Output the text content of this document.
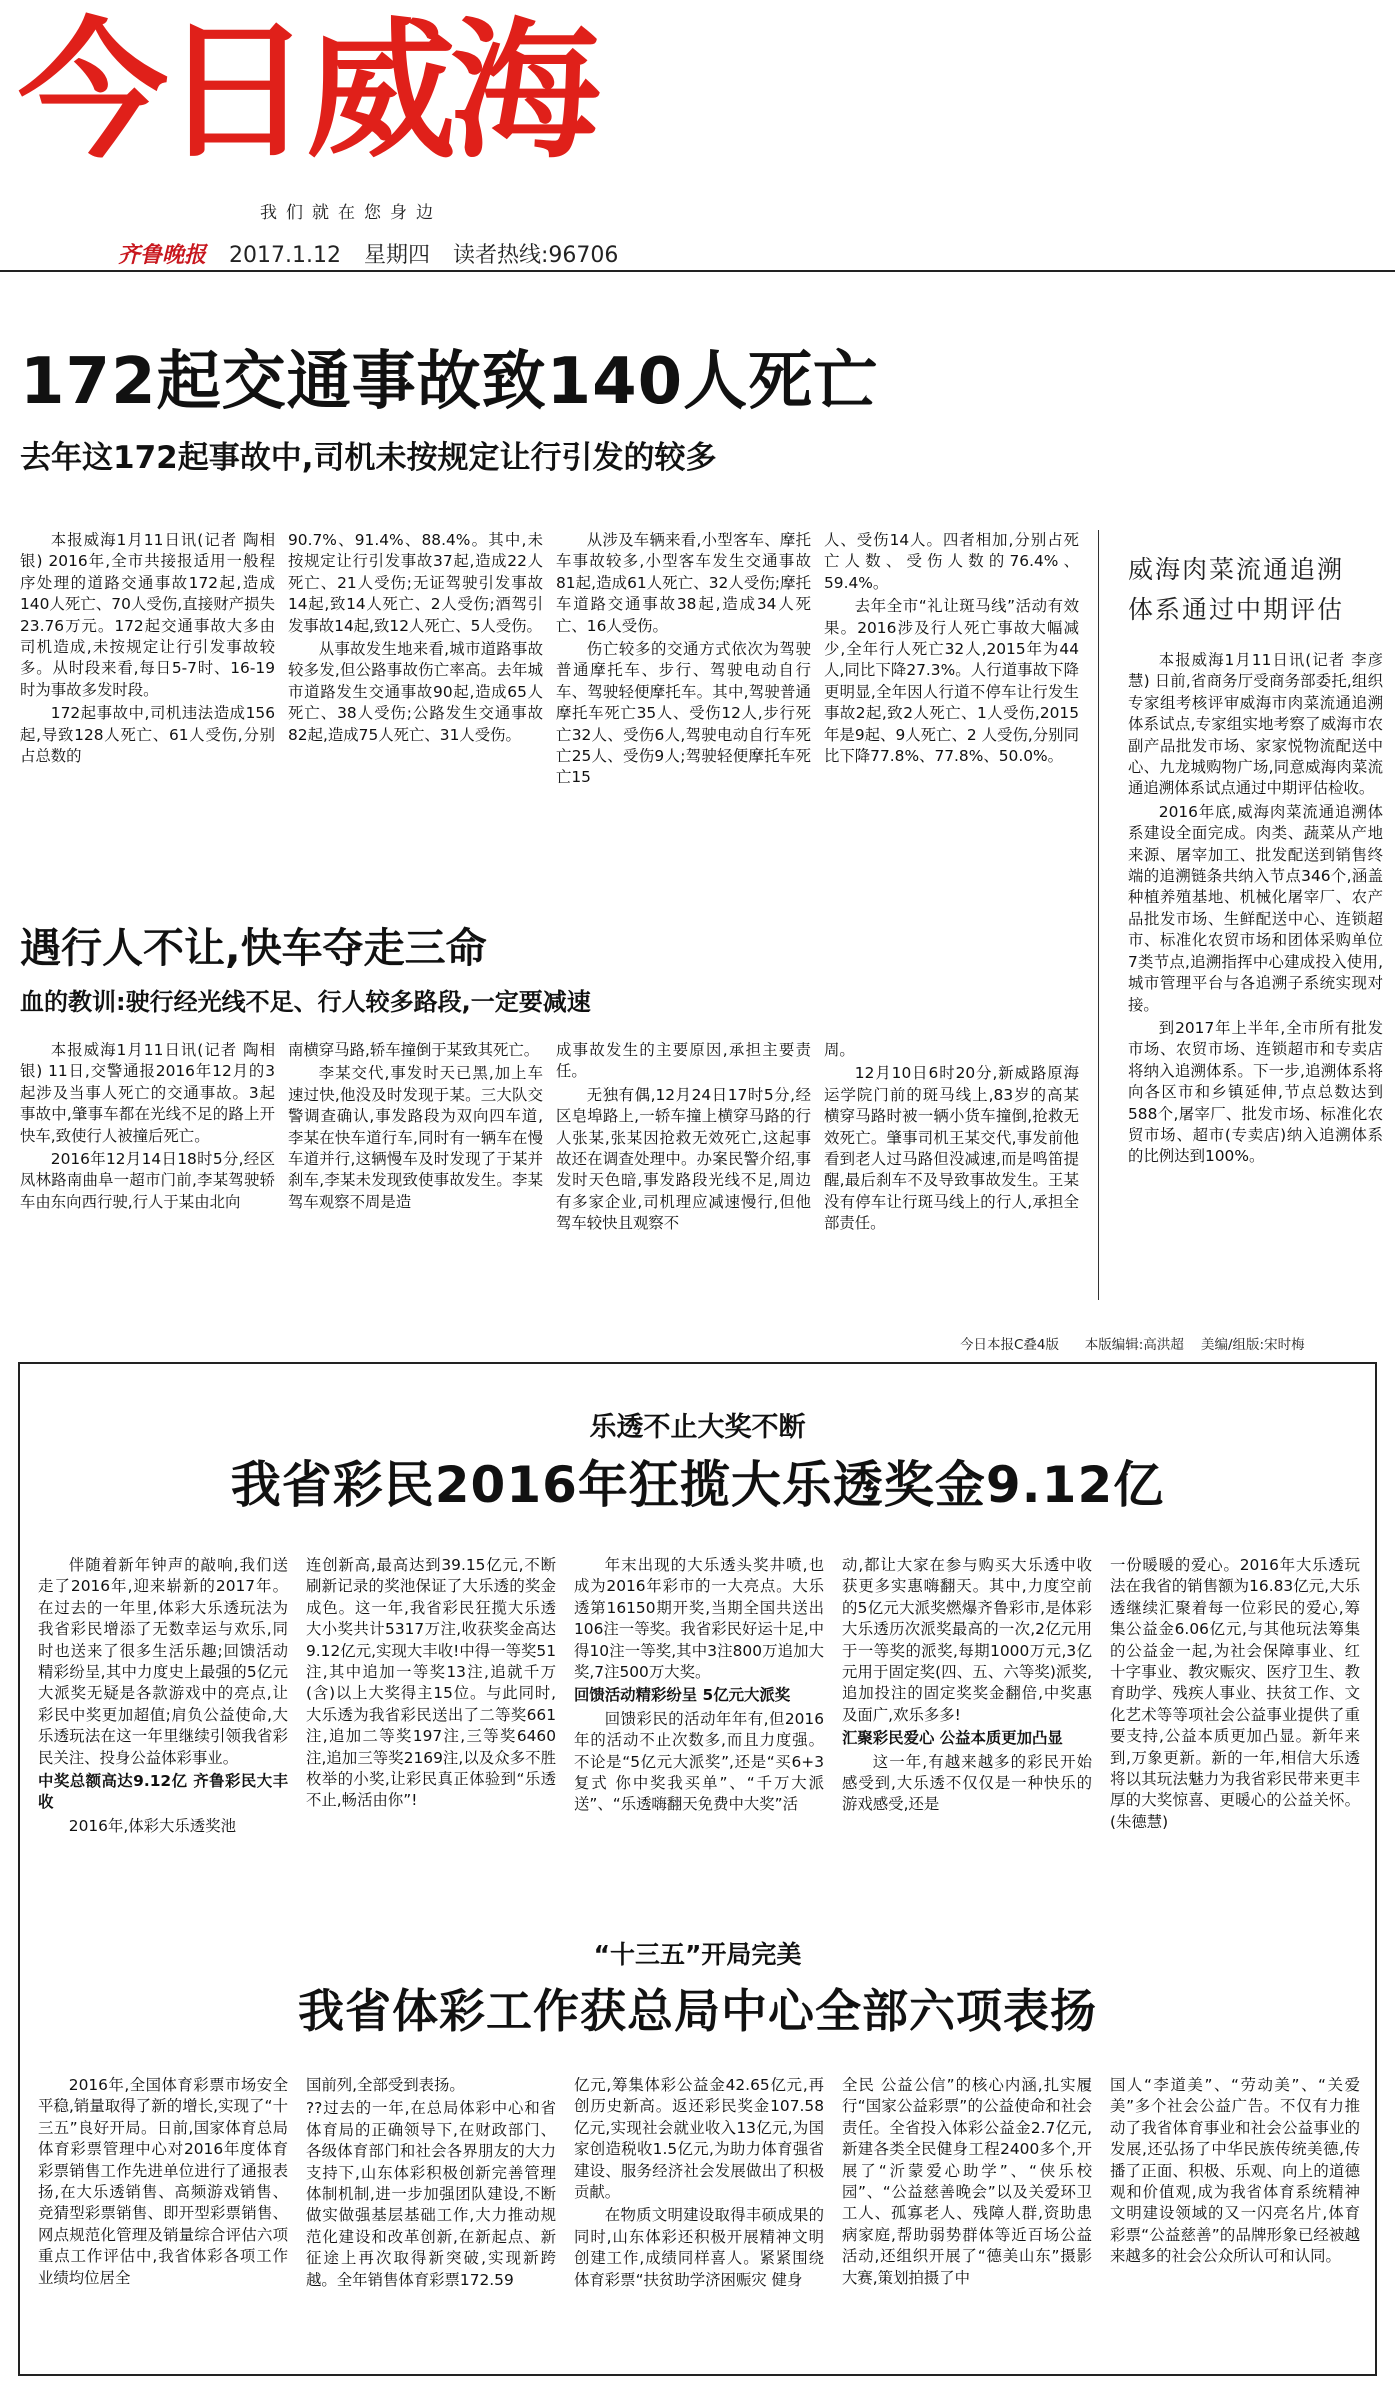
今日威海
我们就在您身边
齐鲁晚报 2017.1.12 星期四 读者热线:96706
172起交通事故致140人死亡
去年这172起事故中,司机未按规定让行引发的较多

本报威海1月11日讯(记者 陶相银) 2016年,全市共接报适用一般程序处理的道路交通事故172起,造成140人死亡、70人受伤,直接财产损失23.76万元。172起交通事故大多由司机造成,未按规定让行引发事故较多。从时段来看,每日5-7时、16-19时为事故多发时段。

172起事故中,司机违法造成156起,导致128人死亡、61人受伤,分别占总数的

90.7%、91.4%、88.4%。其中,未按规定让行引发事故37起,造成22人死亡、21人受伤;无证驾驶引发事故14起,致14人死亡、2人受伤;酒驾引发事故14起,致12人死亡、5人受伤。

从事故发生地来看,城市道路事故较多发,但公路事故伤亡率高。去年城市道路发生交通事故90起,造成65人死亡、38人受伤;公路发生交通事故82起,造成75人死亡、31人受伤。

从涉及车辆来看,小型客车、摩托车事故较多,小型客车发生交通事故81起,造成61人死亡、32人受伤;摩托车道路交通事故38起,造成34人死亡、16人受伤。

伤亡较多的交通方式依次为驾驶普通摩托车、步行、驾驶电动自行车、驾驶轻便摩托车。其中,驾驶普通摩托车死亡35人、受伤12人,步行死亡32人、受伤6人,驾驶电动自行车死亡25人、受伤9人;驾驶轻便摩托车死亡15

人、受伤14人。四者相加,分别占死亡人数、受伤人数的76.4%、59.4%。

去年全市“礼让斑马线”活动有效果。2016涉及行人死亡事故大幅减少,全年行人死亡32人,2015年为44人,同比下降27.3%。人行道事故下降更明显,全年因人行道不停车让行发生事故2起,致2人死亡、1人受伤,2015年是9起、9人死亡、2 人受伤,分别同比下降77.8%、77.8%、50.0%。

遇行人不让,快车夺走三命
血的教训:驶行经光线不足、行人较多路段,一定要减速

本报威海1月11日讯(记者 陶相银) 11日,交警通报2016年12月的3起涉及当事人死亡的交通事故。3起事故中,肇事车都在光线不足的路上开快车,致使行人被撞后死亡。

2016年12月14日18时5分,经区凤林路南曲阜一超市门前,李某驾驶轿车由东向西行驶,行人于某由北向

南横穿马路,轿车撞倒于某致其死亡。

李某交代,事发时天已黑,加上车速过快,他没及时发现于某。三大队交警调查确认,事发路段为双向四车道,李某在快车道行车,同时有一辆车在慢车道并行,这辆慢车及时发现了于某并刹车,李某未发现致使事故发生。李某驾车观察不周是造

成事故发生的主要原因,承担主要责任。

无独有偶,12月24日17时5分,经区皂埠路上,一轿车撞上横穿马路的行人张某,张某因抢救无效死亡,这起事故还在调查处理中。办案民警介绍,事发时天色暗,事发路段光线不足,周边有多家企业,司机理应减速慢行,但他驾车较快且观察不

周。

12月10日6时20分,新威路原海运学院门前的斑马线上,83岁的高某横穿马路时被一辆小货车撞倒,抢救无效死亡。肇事司机王某交代,事发前他看到老人过马路但没减速,而是鸣笛提醒,最后刹车不及导致事故发生。王某没有停车让行斑马线上的行人,承担全部责任。

威海肉菜流通追溯
体系通过中期评估

本报威海1月11日讯(记者 李彦慧) 日前,省商务厅受商务部委托,组织专家组考核评审威海市肉菜流通追溯体系试点,专家组实地考察了威海市农副产品批发市场、家家悦物流配送中心、九龙城购物广场,同意威海肉菜流通追溯体系试点通过中期评估检收。

2016年底,威海肉菜流通追溯体系建设全面完成。肉类、蔬菜从产地来源、屠宰加工、批发配送到销售终端的追溯链条共纳入节点346个,涵盖种植养殖基地、机械化屠宰厂、农产品批发市场、生鲜配送中心、连锁超市、标准化农贸市场和团体采购单位7类节点,追溯指挥中心建成投入使用,城市管理平台与各追溯子系统实现对接。

到2017年上半年,全市所有批发市场、农贸市场、连锁超市和专卖店将纳入追溯体系。下一步,追溯体系将向各区市和乡镇延伸,节点总数达到588个,屠宰厂、批发市场、标准化农贸市场、超市(专卖店)纳入追溯体系的比例达到100%。

今日本报C叠4版 本版编辑:高洪超 美编/组版:宋时梅
乐透不止大奖不断
我省彩民2016年狂揽大乐透奖金9.12亿

伴随着新年钟声的敲响,我们送走了2016年,迎来崭新的2017年。在过去的一年里,体彩大乐透玩法为我省彩民增添了无数幸运与欢乐,同时也送来了很多生活乐趣;回馈活动精彩纷呈,其中力度史上最强的5亿元大派奖无疑是各款游戏中的亮点,让彩民中奖更加超值;肩负公益使命,大乐透玩法在这一年里继续引领我省彩民关注、投身公益体彩事业。

中奖总额高达9.12亿 齐鲁彩民大丰收

2016年,体彩大乐透奖池

连创新高,最高达到39.15亿元,不断刷新记录的奖池保证了大乐透的奖金成色。这一年,我省彩民狂揽大乐透大小奖共计5317万注,收获奖金高达9.12亿元,实现大丰收!中得一等奖51注,其中追加一等奖13注,追就千万(含)以上大奖得主15位。与此同时,大乐透为我省彩民送出了二等奖661注,追加二等奖197注,三等奖6460注,追加三等奖2169注,以及众多不胜枚举的小奖,让彩民真正体验到“乐透不止,畅活由你”!

年末出现的大乐透头奖井喷,也成为2016年彩市的一大亮点。大乐透第16150期开奖,当期全国共送出106注一等奖。我省彩民好运十足,中得10注一等奖,其中3注800万追加大奖,7注500万大奖。

回馈活动精彩纷呈 5亿元大派奖

回馈彩民的活动年年有,但2016年的活动不止次数多,而且力度强。不论是“5亿元大派奖”,还是“买6+3复式 你中奖我买单”、“千万大派送”、“乐透嗨翻天免费中大奖”活

动,都让大家在参与购买大乐透中收获更多实惠嗨翻天。其中,力度空前的5亿元大派奖燃爆齐鲁彩市,是体彩大乐透历次派奖最高的一次,2亿元用于一等奖的派奖,每期1000万元,3亿元用于固定奖(四、五、六等奖)派奖,追加投注的固定奖奖金翻倍,中奖惠及面广,欢乐多多!

汇聚彩民爱心 公益本质更加凸显

这一年,有越来越多的彩民开始感受到,大乐透不仅仅是一种快乐的游戏感受,还是

一份暖暖的爱心。2016年大乐透玩法在我省的销售额为16.83亿元,大乐透继续汇聚着每一位彩民的爱心,筹集公益金6.06亿元,与其他玩法筹集的公益金一起,为社会保障事业、红十字事业、教灾赈灾、医疗卫生、教育助学、残疾人事业、扶贫工作、文化艺术等等项社会公益事业提供了重要支持,公益本质更加凸显。新年来到,万象更新。新的一年,相信大乐透将以其玩法魅力为我省彩民带来更丰厚的大奖惊喜、更暖心的公益关怀。(朱德慧)

“十三五”开局完美
我省体彩工作获总局中心全部六项表扬

2016年,全国体育彩票市场安全平稳,销量取得了新的增长,实现了“十三五”良好开局。日前,国家体育总局体育彩票管理中心对2016年度体育彩票销售工作先进单位进行了通报表扬,在大乐透销售、高频游戏销售、竞猜型彩票销售、即开型彩票销售、网点规范化管理及销量综合评估六项重点工作评估中,我省体彩各项工作业绩均位居全

国前列,全部受到表扬。

??过去的一年,在总局体彩中心和省体育局的正确领导下,在财政部门、各级体育部门和社会各界朋友的大力支持下,山东体彩积极创新完善管理体制机制,进一步加强团队建设,不断做实做强基层基础工作,大力推动规范化建设和改革创新,在新起点、新征途上再次取得新突破,实现新跨越。全年销售体育彩票172.59

亿元,筹集体彩公益金42.65亿元,再创历史新高。返还彩民奖金107.58亿元,实现社会就业收入13亿元,为国家创造税收1.5亿元,为助力体育强省建设、服务经济社会发展做出了积极贡献。

在物质文明建设取得丰硕成果的同时,山东体彩还积极开展精神文明创建工作,成绩同样喜人。紧紧围绕体育彩票“扶贫助学济困赈灾 健身

全民 公益公信”的核心内涵,扎实履行“国家公益彩票”的公益使命和社会责任。全省投入体彩公益金2.7亿元,新建各类全民健身工程2400多个,开展了“沂蒙爱心助学”、“侠乐校园”、“公益慈善晚会”以及关爱环卫工人、孤寡老人、残障人群,资助患病家庭,帮助弱势群体等近百场公益活动,还组织开展了“德美山东”摄影大赛,策划拍摄了中

国人“李道美”、“劳动美”、“关爱美”多个社会公益广告。不仅有力推动了我省体育事业和社会公益事业的发展,还弘扬了中华民族传统美德,传播了正面、积极、乐观、向上的道德观和价值观,成为我省体育系统精神文明建设领域的又一闪亮名片,体育彩票“公益慈善”的品牌形象已经被越来越多的社会公众所认可和认同。
